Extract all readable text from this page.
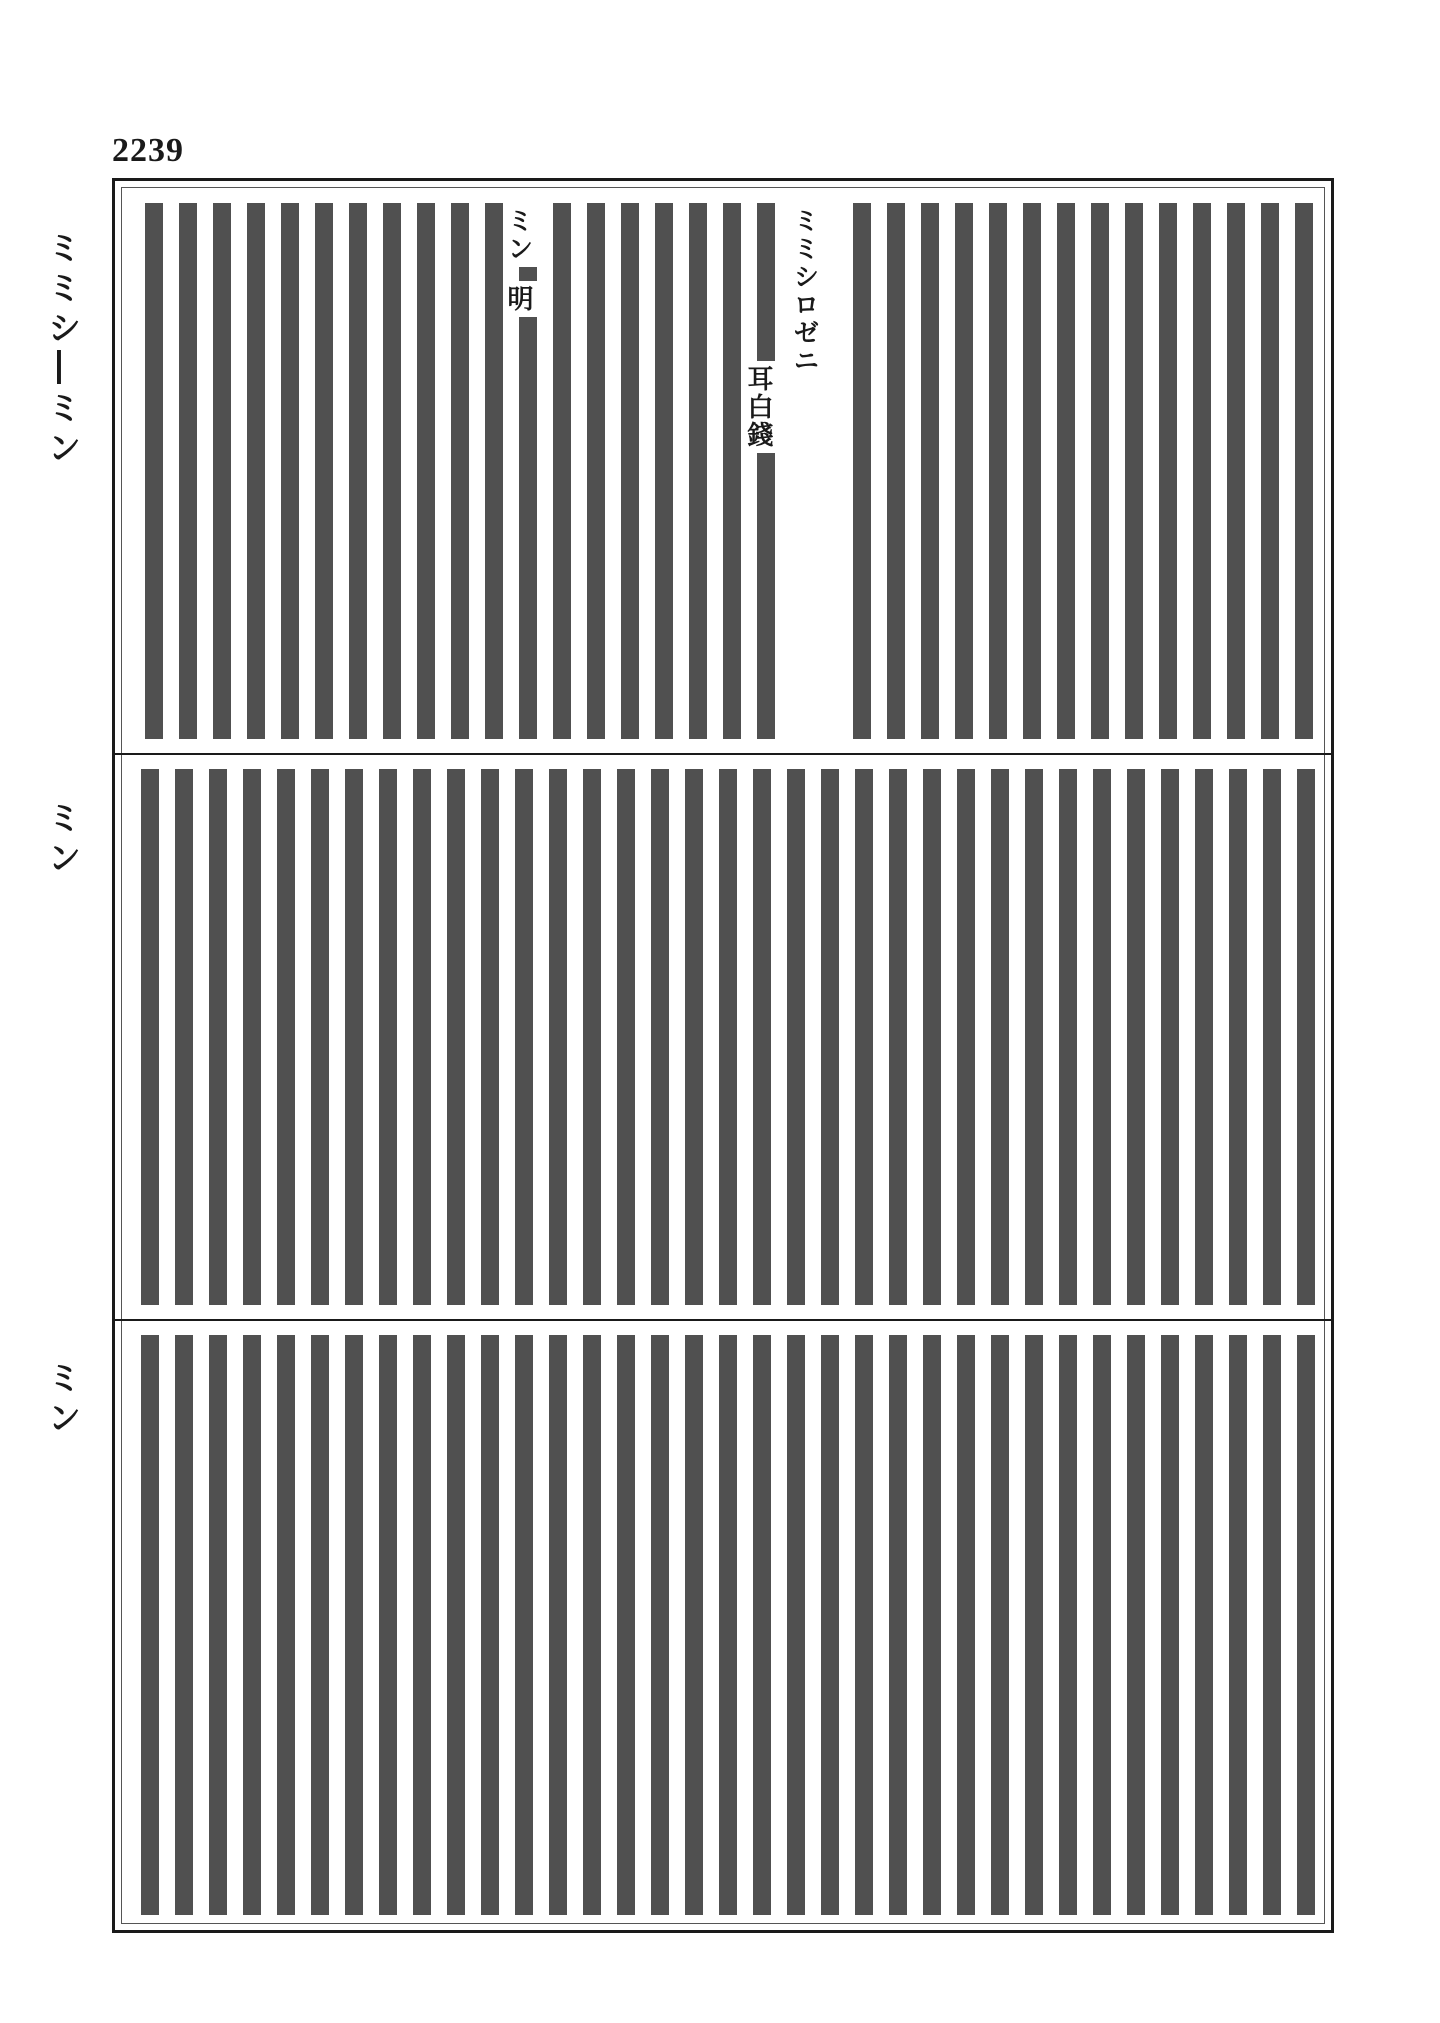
2239
ミミシ―ミン
ミン
ミン
ミミシロゼニ
耳白錢
ミン
明
